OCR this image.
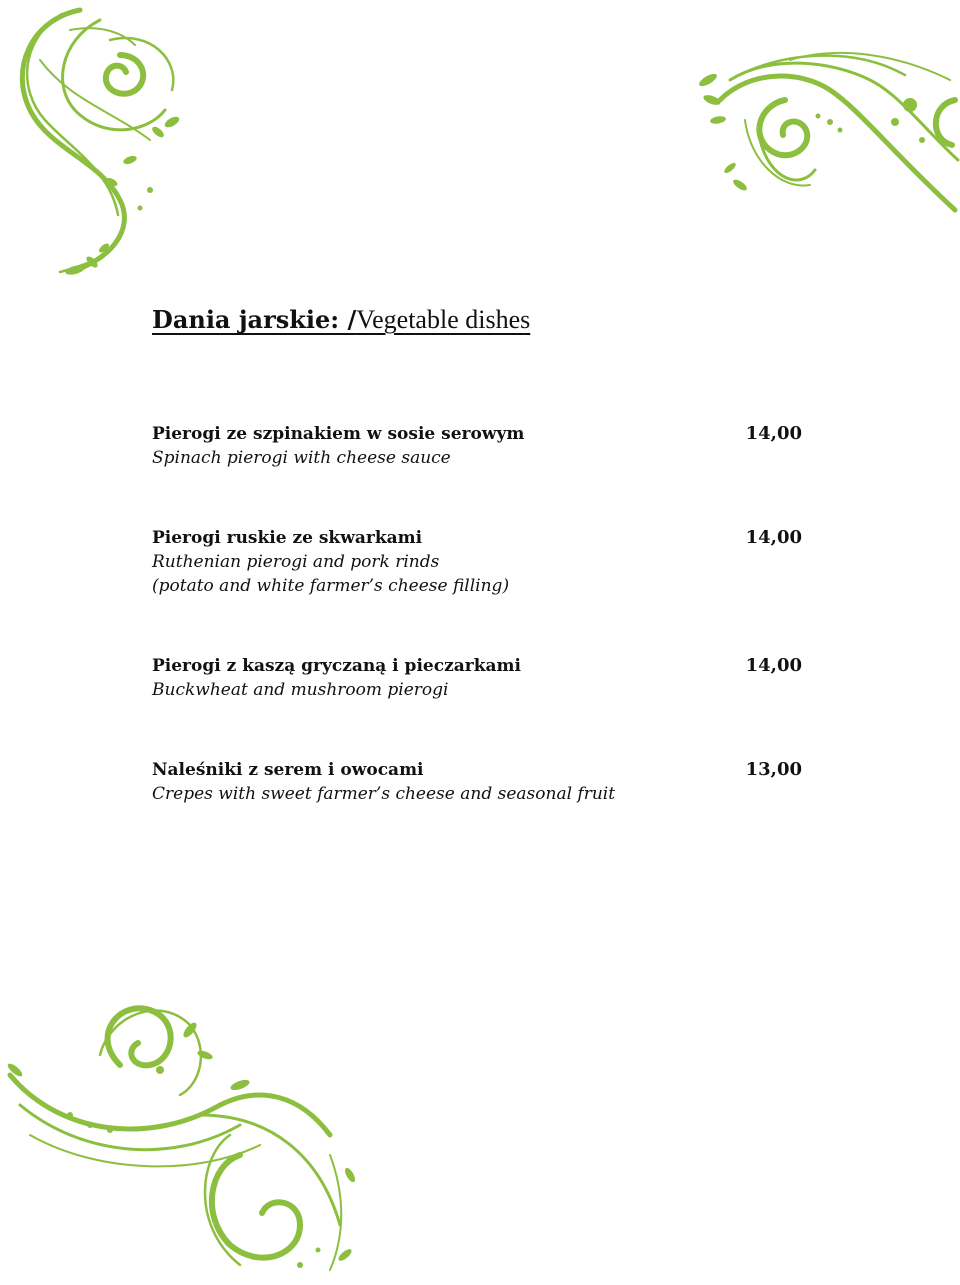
Dania jarskie: /Vegetable dishes
Pierogi ze szpinakiem w sosie serowym	14,00
Spinach pierogi with cheese sauce
Pierogi ruskie ze skwarkami	14,00
Ruthenian pierogi and pork rinds
(potato and white farmer’s cheese filling)
Pierogi z kaszą gryczaną i pieczarkami	14,00
Buckwheat and mushroom pierogi
Naleśniki z serem i owocami	13,00
Crepes with sweet farmer’s cheese and seasonal fruit
